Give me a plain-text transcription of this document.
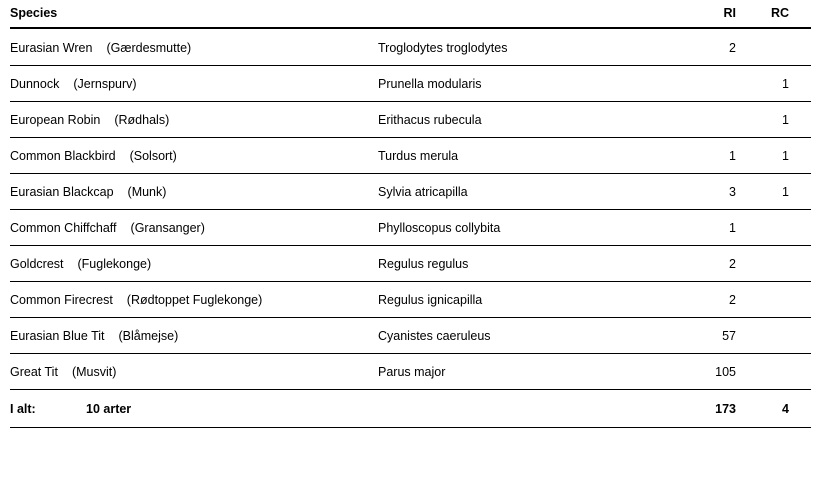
Species		RI	RC
Eurasian Wren (Gærdesmutte)	Troglodytes troglodytes	2	
Dunnock (Jernspurv)	Prunella modularis		1
European Robin (Rødhals)	Erithacus rubecula		1
Common Blackbird (Solsort)	Turdus merula	1	1
Eurasian Blackcap (Munk)	Sylvia atricapilla	3	1
Common Chiffchaff (Gransanger)	Phylloscopus collybita	1	
Goldcrest (Fuglekonge)	Regulus regulus	2	
Common Firecrest (Rødtoppet Fuglekonge)	Regulus ignicapilla	2	
Eurasian Blue Tit (Blåmejse)	Cyanistes caeruleus	57	
Great Tit (Musvit)	Parus major	105	
I alt: 10 arter		173	4
